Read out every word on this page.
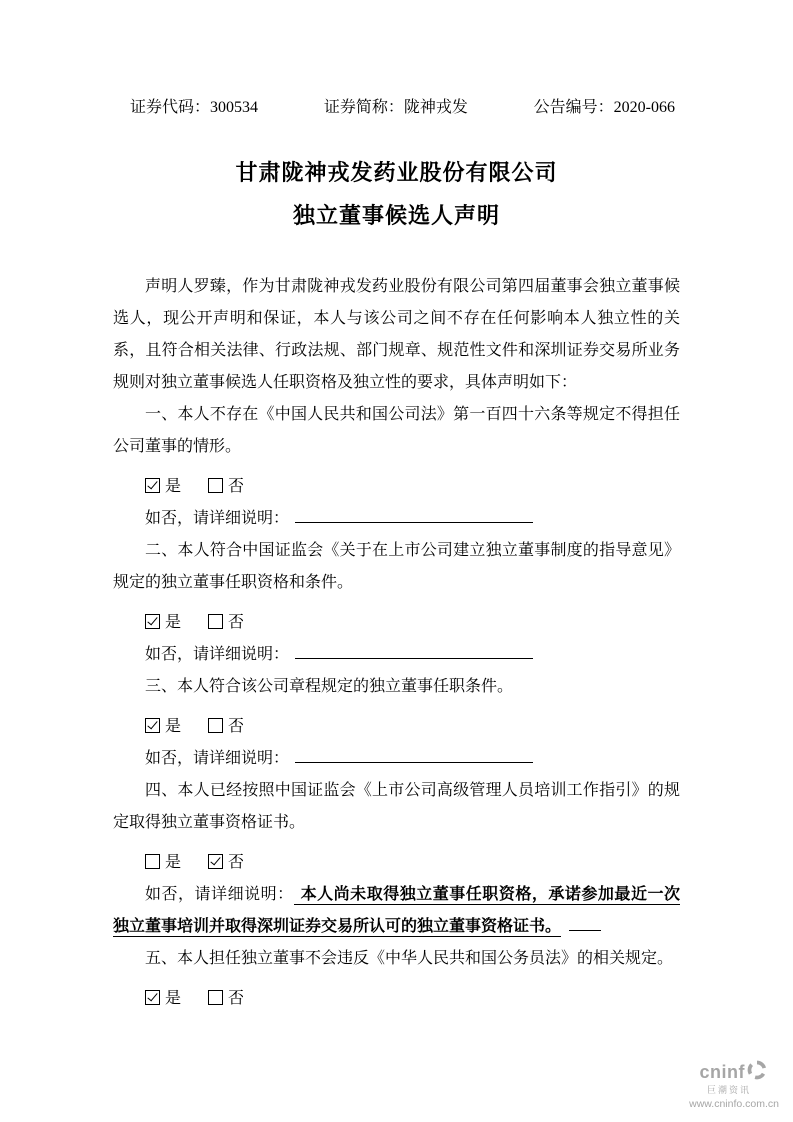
证券代码：300534	证券简称：陇神戎发	公告编号：2020-066
甘肃陇神戎发药业股份有限公司
独立董事候选人声明

声明人罗臻，作为甘肃陇神戎发药业股份有限公司第四届董事会独立董事候选人，现公开声明和保证，本人与该公司之间不存在任何影响本人独立性的关系，且符合相关法律、行政法规、部门规章、规范性文件和深圳证券交易所业务规则对独立董事候选人任职资格及独立性的要求，具体声明如下：

一、本人不存在《中国人民共和国公司法》第一百四十六条等规定不得担任公司董事的情形。

是	否

如否，请详细说明：

二、本人符合中国证监会《关于在上市公司建立独立董事制度的指导意见》规定的独立董事任职资格和条件。

是	否

如否，请详细说明：

三、本人符合该公司章程规定的独立董事任职条件。

是	否

如否，请详细说明：

四、本人已经按照中国证监会《上市公司高级管理人员培训工作指引》的规定取得独立董事资格证书。

是	否

如否，请详细说明： 本人尚未取得独立董事任职资格，承诺参加最近一次独立董事培训并取得深圳证券交易所认可的独立董事资格证书。

五、本人担任独立董事不会违反《中华人民共和国公务员法》的相关规定。

是	否
cninf
巨潮资讯
www.cninfo.com.cn
